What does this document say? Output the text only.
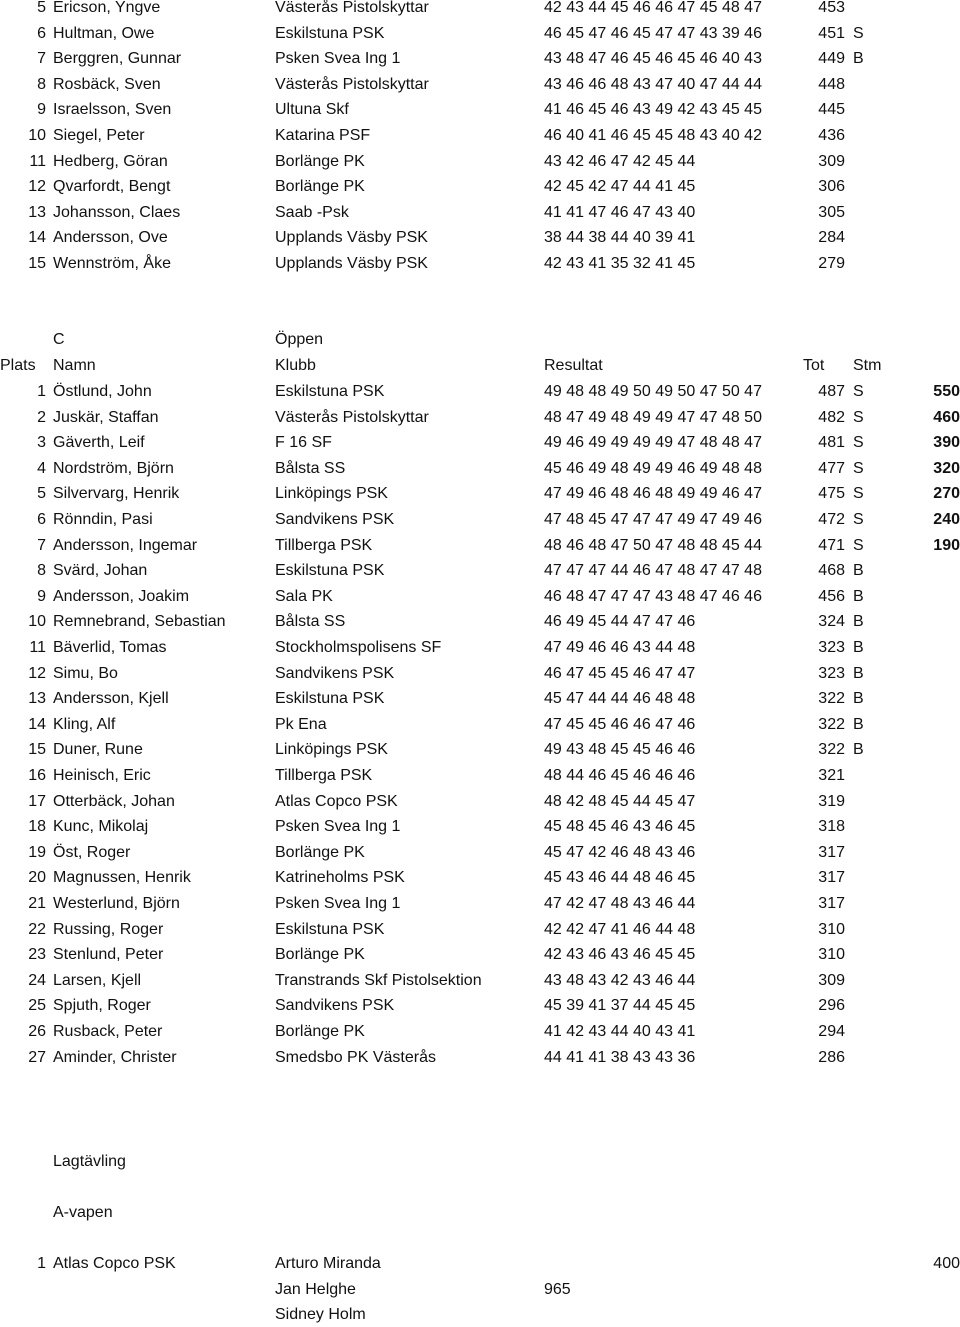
5 Ericson, Yngve	Västerås Pistolskyttar	42 43 44 45 46 46 47 45 48 47	453
6 Hultman, Owe	Eskilstuna PSK	46 45 47 46 45 47 47 43 39 46	451 S
7 Berggren, Gunnar	Psken Svea Ing 1	43 48 47 46 45 46 45 46 40 43	449 B
8 Rosbäck, Sven	Västerås Pistolskyttar	43 46 46 48 43 47 40 47 44 44	448
9 Israelsson, Sven	Ultuna Skf	41 46 45 46 43 49 42 43 45 45	445
10 Siegel, Peter	Katarina PSF	46 40 41 46 45 45 48 43 40 42	436
11 Hedberg, Göran	Borlänge PK	43 42 46 47 42 45 44	309
12 Qvarfordt, Bengt	Borlänge PK	42 45 42 47 44 41 45	306
13 Johansson, Claes	Saab -Psk	41 41 47 46 47 43 40	305
14 Andersson, Ove	Upplands Väsby PSK	38 44 38 44 40 39 41	284
15 Wennström, Åke	Upplands Väsby PSK	42 43 41 35 32 41 45	279
C	Öppen
Plats Namn	Klubb	Resultat	Tot Stm
1 Östlund, John	Eskilstuna PSK	49 48 48 49 50 49 50 47 50 47	487 S	550
2 Juskär, Staffan	Västerås Pistolskyttar	48 47 49 48 49 49 47 47 48 50	482 S	460
3 Gäverth, Leif	F 16 SF	49 46 49 49 49 49 47 48 48 47	481 S	390
4 Nordström, Björn	Bålsta SS	45 46 49 48 49 49 46 49 48 48	477 S	320
5 Silvervarg, Henrik	Linköpings PSK	47 49 46 48 46 48 49 49 46 47	475 S	270
6 Rönndin, Pasi	Sandvikens PSK	47 48 45 47 47 47 49 47 49 46	472 S	240
7 Andersson, Ingemar	Tillberga PSK	48 46 48 47 50 47 48 48 45 44	471 S	190
8 Svärd, Johan	Eskilstuna PSK	47 47 47 44 46 47 48 47 47 48	468 B
9 Andersson, Joakim	Sala PK	46 48 47 47 47 43 48 47 46 46	456 B
10 Remnebrand, Sebastian	Bålsta SS	46 49 45 44 47 47 46	324 B
11 Bäverlid, Tomas	Stockholmspolisens SF	47 49 46 46 43 44 48	323 B
12 Simu, Bo	Sandvikens PSK	46 47 45 45 46 47 47	323 B
13 Andersson, Kjell	Eskilstuna PSK	45 47 44 44 46 48 48	322 B
14 Kling, Alf	Pk Ena	47 45 45 46 46 47 46	322 B
15 Duner, Rune	Linköpings PSK	49 43 48 45 45 46 46	322 B
16 Heinisch, Eric	Tillberga PSK	48 44 46 45 46 46 46	321
17 Otterbäck, Johan	Atlas Copco PSK	48 42 48 45 44 45 47	319
18 Kunc, Mikolaj	Psken Svea Ing 1	45 48 45 46 43 46 45	318
19 Öst, Roger	Borlänge PK	45 47 42 46 48 43 46	317
20 Magnussen, Henrik	Katrineholms PSK	45 43 46 44 48 46 45	317
21 Westerlund, Björn	Psken Svea Ing 1	47 42 47 48 43 46 44	317
22 Russing, Roger	Eskilstuna PSK	42 42 47 41 46 44 48	310
23 Stenlund, Peter	Borlänge PK	42 43 46 43 46 45 45	310
24 Larsen, Kjell	Transtrands Skf Pistolsektion	43 48 43 42 43 46 44	309
25 Spjuth, Roger	Sandvikens PSK	45 39 41 37 44 45 45	296
26 Rusback, Peter	Borlänge PK	41 42 43 44 40 43 41	294
27 Aminder, Christer	Smedsbo PK Västerås	44 41 41 38 43 43 36	286
Lagtävling
A-vapen
1 Atlas Copco PSK	Arturo Miranda	400
Jan Helghe	965
Sidney Holm
